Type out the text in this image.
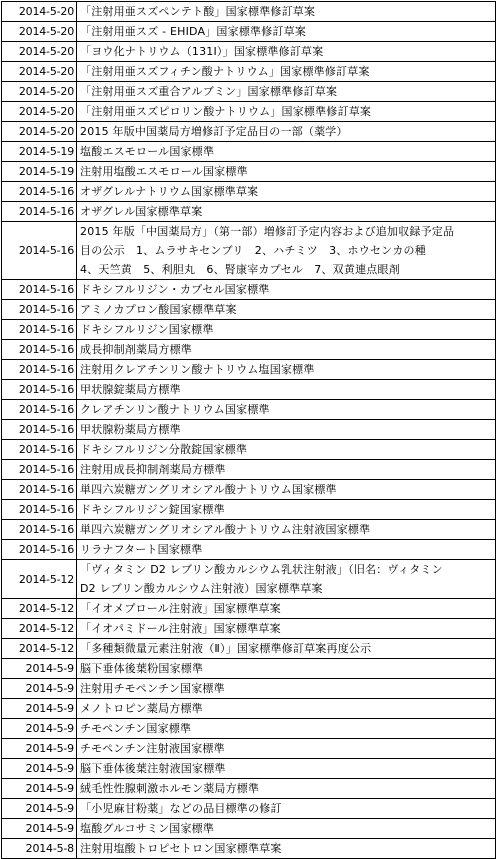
2014-5-20	「注射用亜スズペンテト酸」国家標準修訂草案
2014-5-20	「注射用亜スズ - EHIDA」国家標準修訂草案
2014-5-20	「ヨウ化ナトリウム（131I）」国家標準修訂草案
2014-5-20	「注射用亜スズフィチン酸ナトリウム」国家標準修訂草案
2014-5-20	「注射用亜スズ重合アルブミン」国家標準修訂草案
2014-5-20	「注射用亜スズピロリン酸ナトリウム」国家標準修訂草案
2014-5-20	2015 年版中国薬局方増修訂予定品目の一部（薬学）
2014-5-19	塩酸エスモロール国家標準
2014-5-19	注射用塩酸エスモロール国家標準
2014-5-16	オザグレルナトリウム国家標準草案
2014-5-16	オザグレル国家標準草案
2014-5-16	2015 年版「中国薬局方」（第一部）増修訂予定内容および追加収録予定品
目の公示　1、ムラサキセンブリ　2、ハチミツ　3、ホウセンカの種
4、天竺黄　5、利胆丸　6、腎康宰カプセル　7、双黄連点眼剤

2014-5-16	ドキシフルリジン・カプセル国家標準
2014-5-16	アミノカプロン酸国家標準草案
2014-5-16	ドキシフルリジン国家標準
2014-5-16	成長抑制剤薬局方標準
2014-5-16	注射用クレアチンリン酸ナトリウム塩国家標準
2014-5-16	甲状腺錠薬局方標準
2014-5-16	クレアチンリン酸ナトリウム国家標準
2014-5-16	甲状腺粉薬局方標準
2014-5-16	ドキシフルリジン分散錠国家標準
2014-5-16	注射用成長抑制剤薬局方標準
2014-5-16	単四六炭糖ガングリオシアル酸ナトリウム国家標準
2014-5-16	ドキシフルリジン錠国家標準
2014-5-16	単四六炭糖ガングリオシアル酸ナトリウム注射液国家標準
2014-5-16	リラナフタート国家標準
2014-5-12	「ヴィタミン D2 レブリン酸カルシウム乳状注射液」（旧名：ヴィタミン
D2 レブリン酸カルシウム注射液）国家標準草案

2014-5-12	「イオメプロール注射液」国家標準草案
2014-5-12	「イオパミドール注射液」国家標準草案
2014-5-12	「多種類微量元素注射液（Ⅱ）」国家標準修訂草案再度公示
2014-5-9	脳下垂体後葉粉国家標準
2014-5-9	注射用チモペンチン国家標準
2014-5-9	メノトロピン薬局方標準
2014-5-9	チモペンチン国家標準
2014-5-9	チモペンチン注射液国家標準
2014-5-9	脳下垂体後葉注射液国家標準
2014-5-9	絨毛性性腺刺激ホルモン薬局方標準
2014-5-9	「小児麻甘粉薬」などの品目標準の修訂
2014-5-9	塩酸グルコサミン国家標準
2014-5-8	注射用塩酸トロピセトロン国家標準草案
